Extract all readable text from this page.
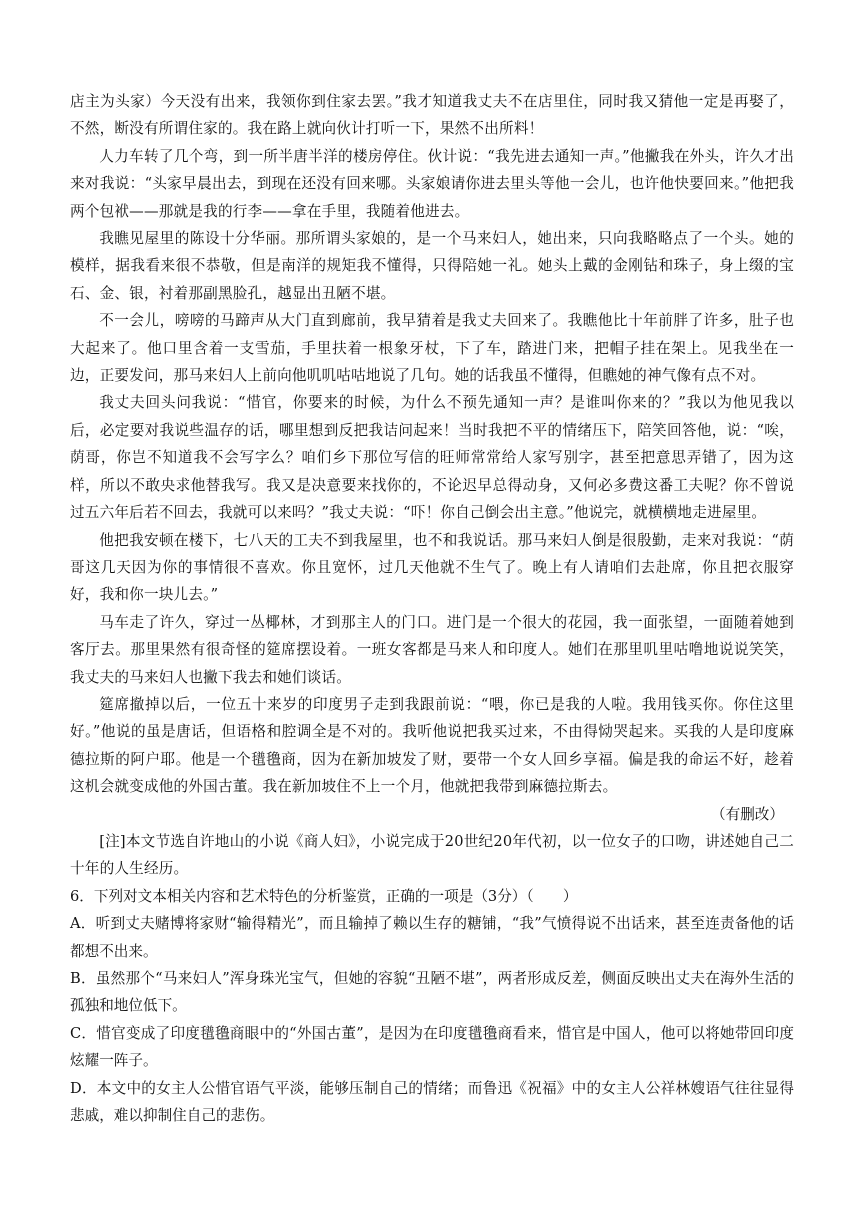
店主为头家）今天没有出来，我领你到住家去罢。”我才知道我丈夫不在店里住，同时我又猜他一定是再娶了，不然，断没有所谓住家的。我在路上就向伙计打听一下，果然不出所料！

人力车转了几个弯，到一所半唐半洋的楼房停住。伙计说：“我先进去通知一声。”他撇我在外头，许久才出来对我说：“头家早晨出去，到现在还没有回来哪。头家娘请你进去里头等他一会儿，也许他快要回来。”他把我两个包袱——那就是我的行李——拿在手里，我随着他进去。

我瞧见屋里的陈设十分华丽。那所谓头家娘的，是一个马来妇人，她出来，只向我略略点了一个头。她的模样，据我看来很不恭敬，但是南洋的规矩我不懂得，只得陪她一礼。她头上戴的金刚钻和珠子，身上缀的宝石、金、银，衬着那副黑脸孔，越显出丑陋不堪。

不一会儿，嗙嗙的马蹄声从大门直到廊前，我早猜着是我丈夫回来了。我瞧他比十年前胖了许多，肚子也大起来了。他口里含着一支雪茄，手里扶着一根象牙杖，下了车，踏进门来，把帽子挂在架上。见我坐在一边，正要发问，那马来妇人上前向他叽叽咕咕地说了几句。她的话我虽不懂得，但瞧她的神气像有点不对。

我丈夫回头问我说：“惜官，你要来的时候，为什么不预先通知一声？是谁叫你来的？”我以为他见我以后，必定要对我说些温存的话，哪里想到反把我诘问起来！当时我把不平的情绪压下，陪笑回答他，说：“唉，荫哥，你岂不知道我不会写字么？咱们乡下那位写信的旺师常常给人家写别字，甚至把意思弄错了，因为这样，所以不敢央求他替我写。我又是决意要来找你的，不论迟早总得动身，又何必多费这番工夫呢？你不曾说过五六年后若不回去，我就可以来吗？”我丈夫说：“吓！你自己倒会出主意。”他说完，就横横地走进屋里。

他把我安顿在楼下，七八天的工夫不到我屋里，也不和我说话。那马来妇人倒是很殷勤，走来对我说：“荫哥这几天因为你的事情很不喜欢。你且宽怀，过几天他就不生气了。晚上有人请咱们去赴席，你且把衣服穿好，我和你一块儿去。”

马车走了许久，穿过一丛椰林，才到那主人的门口。进门是一个很大的花园，我一面张望，一面随着她到客厅去。那里果然有很奇怪的筵席摆设着。一班女客都是马来人和印度人。她们在那里叽里咕噜地说说笑笑，我丈夫的马来妇人也撇下我去和她们谈话。

筵席撤掉以后，一位五十来岁的印度男子走到我跟前说：“喂，你已是我的人啦。我用钱买你。你住这里好。”他说的虽是唐话，但语格和腔调全是不对的。我听他说把我买过来，不由得恸哭起来。买我的人是印度麻德拉斯的阿户耶。他是一个氆氇商，因为在新加坡发了财，要带一个女人回乡享福。偏是我的命运不好，趁着这机会就变成他的外国古董。我在新加坡住不上一个月，他就把我带到麻德拉斯去。

（有删改）

[注]本文节选自许地山的小说《商人妇》，小说完成于20世纪20年代初，以一位女子的口吻，讲述她自己二十年的人生经历。

6．下列对文本相关内容和艺术特色的分析鉴赏，正确的一项是（3分）（　　）

A．听到丈夫赌博将家财“输得精光”，而且输掉了赖以生存的糖铺，“我”气愤得说不出话来，甚至连责备他的话都想不出来。

B．虽然那个“马来妇人”浑身珠光宝气，但她的容貌“丑陋不堪”，两者形成反差，侧面反映出丈夫在海外生活的孤独和地位低下。

C．惜官变成了印度氆氇商眼中的“外国古董”，是因为在印度氆氇商看来，惜官是中国人，他可以将她带回印度炫耀一阵子。

D．本文中的女主人公惜官语气平淡，能够压制自己的情绪；而鲁迅《祝福》中的女主人公祥林嫂语气往往显得悲戚，难以抑制住自己的悲伤。
